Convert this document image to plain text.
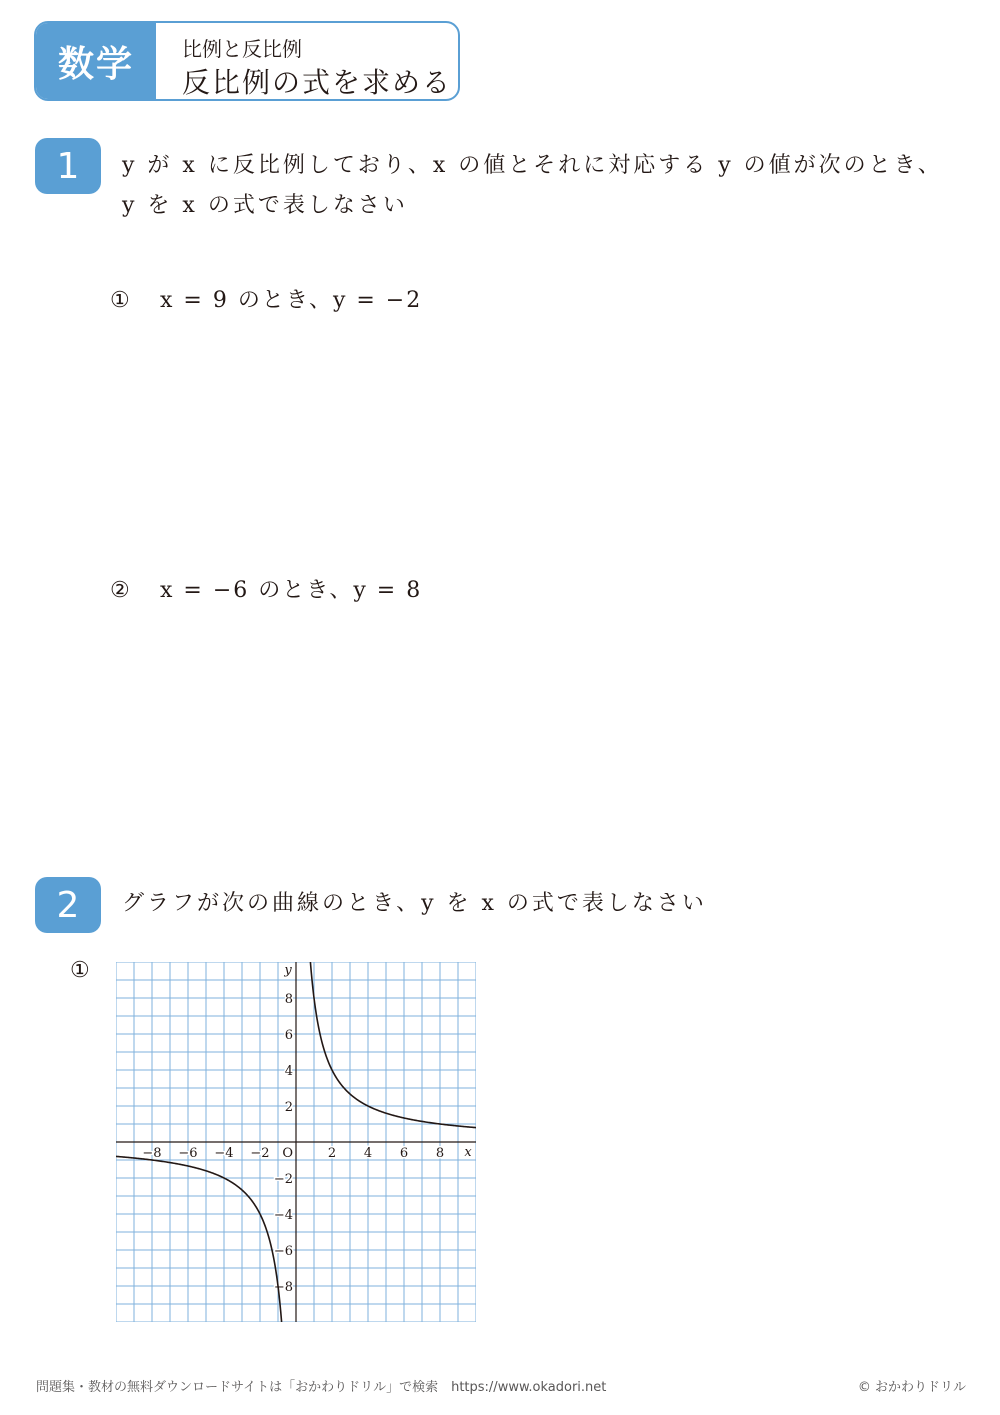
数学	比例と反比例
反比例の式を求める
1	y が x に反比例しており、x の値とそれに対応する y の値が次のとき、
y を x の式で表しなさい
① x = 9 のとき、y = −2
② x = −6 のとき、y = 8
2	グラフが次の曲線のとき、y を x の式で表しなさい
①
−8 −6 −4 −2	2 4 6 8
8
6
4
2
−2
−4
−6
−8
O	x
y
問題集・教材の無料ダウンロードサイトは「おかわりドリル」で検索　https://www.okadori.net	© おかわりドリル
